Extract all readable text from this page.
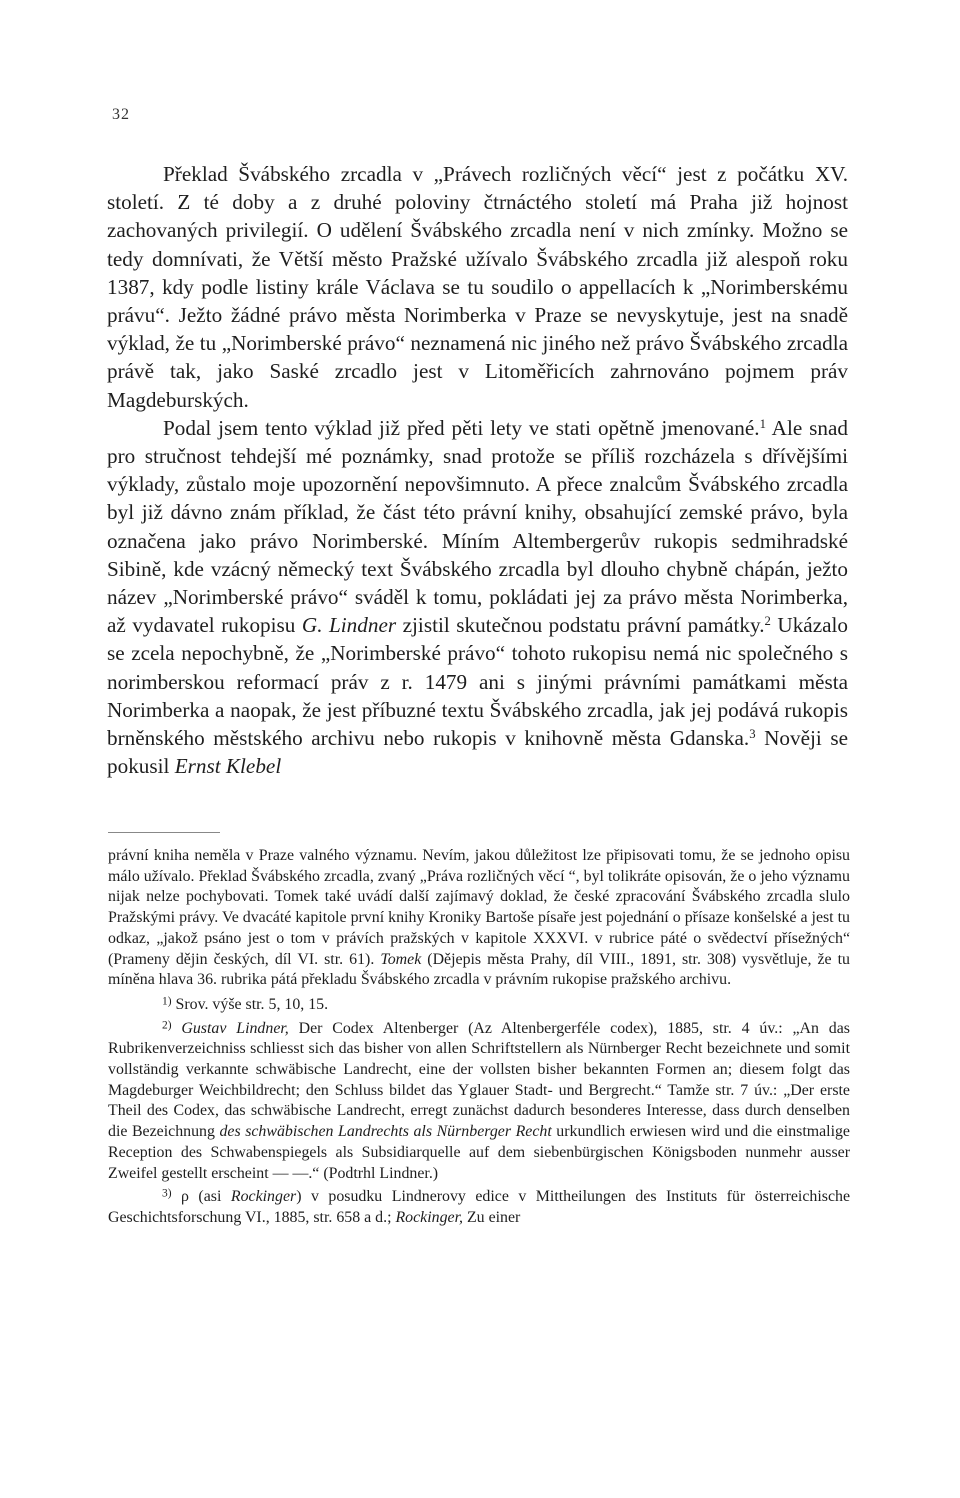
32

Překlad Švábského zrcadla v „Právech rozličných věcí“ jest z počátku XV. století. Z té doby a z druhé poloviny čtrnáctého století má Praha již hojnost zachovaných privilegií. O udělení Švábského zrcadla není v nich zmínky. Možno se tedy domnívati, že Větší město Pražské užívalo Švábského zrcadla již alespoň roku 1387, kdy podle listiny krále Václava se tu soudilo o appellacích k „Norimberskému právu“. Ježto žádné právo města Norimberka v Praze se nevyskytuje, jest na snadě výklad, že tu „Norimberské právo“ neznamená nic jiného než právo Švábského zrcadla právě tak, jako Saské zrcadlo jest v Litoměřicích zahrnováno pojmem práv Magdeburských.

Podal jsem tento výklad již před pěti lety ve stati opětně jmenované.$^1$ Ale snad pro stručnost tehdejší mé poznámky, snad protože se příliš rozcházela s dřívějšími výklady, zůstalo moje upozornění nepovšimnuto. A přece znalcům Švábského zrcadla byl již dávno znám příklad, že část této právní knihy, obsahující zemské právo, byla označena jako právo Norimberské. Míním Altembergerův rukopis sedmihradské Sibině, kde vzácný německý text Švábského zrcadla byl dlouho chybně chápán, ježto název „Norimberské právo“ sváděl k tomu, pokládati jej za právo města Norimberka, až vydavatel rukopisu G. Lindner zjistil skutečnou podstatu právní památky.$^2$ Ukázalo se zcela nepochybně, že „Norimberské právo“ tohoto rukopisu nemá nic společného s norimberskou reformací práv z r. 1479 ani s jinými právními památkami města Norimberka a naopak, že jest příbuzné textu Švábského zrcadla, jak jej podává rukopis brněnského městského archivu nebo rukopis v knihovně města Gdanska.$^3$ Nověji se pokusil Ernst Klebel

právní kniha neměla v Praze valného významu. Nevím, jakou důležitost lze připisovati tomu, že se jednoho opisu málo užívalo. Překlad Švábského zrcadla, zvaný „Práva rozličných věcí “, byl tolikráte opisován, že o jeho významu nijak nelze pochybovati. Tomek také uvádí další zajímavý doklad, že české zpracování Švábského zrcadla slulo Pražskými právy. Ve dvacáté kapitole první knihy Kroniky Bartoše písaře jest pojednání o přísaze konšelské a jest tu odkaz, „jakož psáno jest o tom v právích pražských v kapitole XXXVI. v rubrice páté o svědectví přísežných“ (Prameny dějin českých, díl VI. str. 61). Tomek (Dějepis města Prahy, díl VIII., 1891, str. 308) vysvětluje, že tu míněna hlava 36. rubrika pátá překladu Švábského zrcadla v právním rukopise pražského archivu.

$^{1)}$ Srov. výše str. 5, 10, 15.

$^{2)}$ Gustav Lindner, Der Codex Altenberger (Az Altenbergerféle codex), 1885, str. 4 úv.: „An das Rubrikenverzeichniss schliesst sich das bisher von allen Schriftstellern als Nürnberger Recht bezeichnete und somit vollständig verkannte schwäbische Landrecht, eine der vollsten bisher bekannten Formen an; diesem folgt das Magdeburger Weichbildrecht; den Schluss bildet das Yglauer Stadt- und Bergrecht.“ Tamže str. 7 úv.: „Der erste Theil des Codex, das schwäbische Landrecht, erregt zunächst dadurch besonderes Interesse, dass durch denselben die Bezeichnung des schwäbischen Landrechts als Nürnberger Recht urkundlich erwiesen wird und die einstmalige Reception des Schwabenspiegels als Subsidiarquelle auf dem siebenbürgischen Königsboden nunmehr ausser Zweifel gestellt erscheint — —.“ (Podtrhl Lindner.)

$^{3)}$ ρ (asi Rockinger) v posudku Lindnerovy edice v Mittheilungen des Instituts für österreichische Geschichtsforschung VI., 1885, str. 658 a d.; Rockinger, Zu einer
